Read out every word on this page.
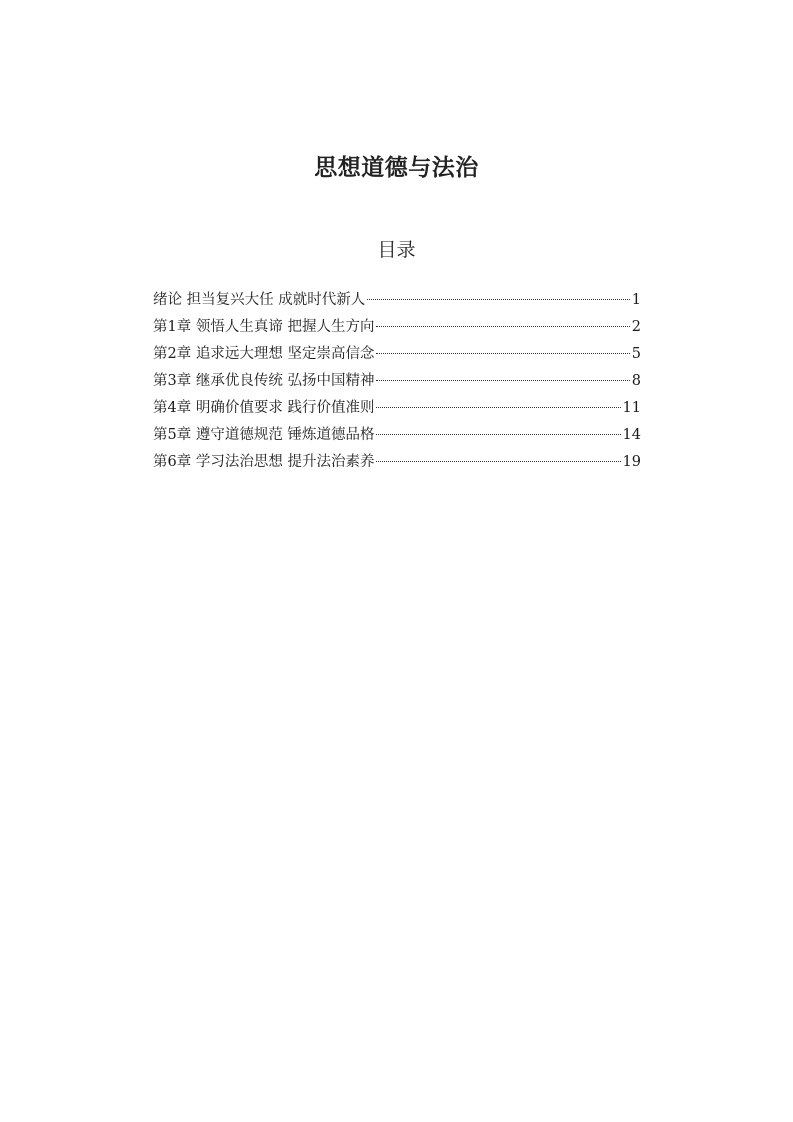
思想道德与法治
目录
绪论 担当复兴大任 成就时代新人	1
第1章 领悟人生真谛 把握人生方向	2
第2章 追求远大理想 坚定崇高信念	5
第3章 继承优良传统 弘扬中国精神	8
第4章 明确价值要求 践行价值准则	11
第5章 遵守道德规范 锤炼道德品格	14
第6章 学习法治思想 提升法治素养	19
